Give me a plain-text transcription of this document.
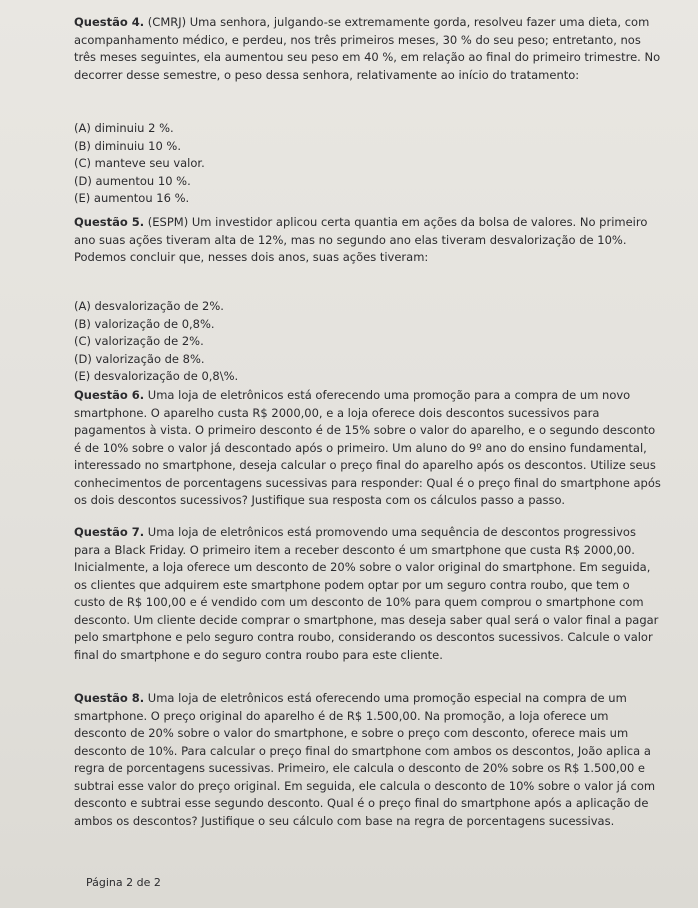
Questão 4. (CMRJ) Uma senhora, julgando-se extremamente gorda, resolveu fazer uma dieta, com acompanhamento médico, e perdeu, nos três primeiros meses, 30 % do seu peso; entretanto, nos três meses seguintes, ela aumentou seu peso em 40 %, em relação ao final do primeiro trimestre. No decorrer desse semestre, o peso dessa senhora, relativamente ao início do tratamento:

(A) diminuiu 2 %.
(B) diminuiu 10 %.
(C) manteve seu valor.
(D) aumentou 10 %.
(E) aumentou 16 %.

Questão 5. (ESPM) Um investidor aplicou certa quantia em ações da bolsa de valores. No primeiro ano suas ações tiveram alta de 12%, mas no segundo ano elas tiveram desvalorização de 10%. Podemos concluir que, nesses dois anos, suas ações tiveram:

(A) desvalorização de 2%.
(B) valorização de 0,8%.
(C) valorização de 2%.
(D) valorização de 8%.
(E) desvalorização de 0,8\%.

Questão 6. Uma loja de eletrônicos está oferecendo uma promoção para a compra de um novo smartphone. O aparelho custa R$ 2000,00, e a loja oferece dois descontos sucessivos para pagamentos à vista. O primeiro desconto é de 15% sobre o valor do aparelho, e o segundo desconto é de 10% sobre o valor já descontado após o primeiro. Um aluno do 9º ano do ensino fundamental, interessado no smartphone, deseja calcular o preço final do aparelho após os descontos. Utilize seus conhecimentos de porcentagens sucessivas para responder: Qual é o preço final do smartphone após os dois descontos sucessivos? Justifique sua resposta com os cálculos passo a passo.

Questão 7. Uma loja de eletrônicos está promovendo uma sequência de descontos progressivos para a Black Friday. O primeiro item a receber desconto é um smartphone que custa R$ 2000,00. Inicialmente, a loja oferece um desconto de 20% sobre o valor original do smartphone. Em seguida, os clientes que adquirem este smartphone podem optar por um seguro contra roubo, que tem o custo de R$ 100,00 e é vendido com um desconto de 10% para quem comprou o smartphone com desconto. Um cliente decide comprar o smartphone, mas deseja saber qual será o valor final a pagar pelo smartphone e pelo seguro contra roubo, considerando os descontos sucessivos. Calcule o valor final do smartphone e do seguro contra roubo para este cliente.

Questão 8. Uma loja de eletrônicos está oferecendo uma promoção especial na compra de um smartphone. O preço original do aparelho é de R$ 1.500,00. Na promoção, a loja oferece um desconto de 20% sobre o valor do smartphone, e sobre o preço com desconto, oferece mais um desconto de 10%. Para calcular o preço final do smartphone com ambos os descontos, João aplica a regra de porcentagens sucessivas. Primeiro, ele calcula o desconto de 20% sobre os R$ 1.500,00 e subtrai esse valor do preço original. Em seguida, ele calcula o desconto de 10% sobre o valor já com desconto e subtrai esse segundo desconto. Qual é o preço final do smartphone após a aplicação de ambos os descontos? Justifique o seu cálculo com base na regra de porcentagens sucessivas.

Página 2 de 2
